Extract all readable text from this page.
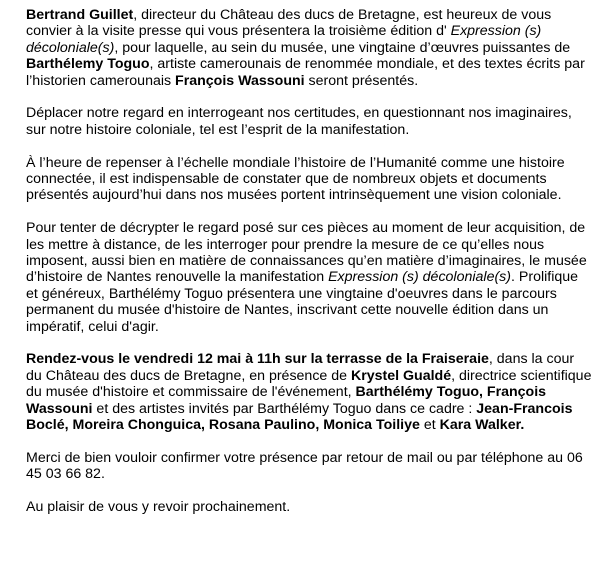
Bertrand Guillet, directeur du Château des ducs de Bretagne, est heureux de vous convier à la visite presse qui vous présentera la troisième édition d' Expression (s) décoloniale(s), pour laquelle, au sein du musée, une vingtaine d’œuvres puissantes de Barthélemy Toguo, artiste camerounais de renommée mondiale, et des textes écrits par l’historien camerounais François Wassouni seront présentés.

Déplacer notre regard en interrogeant nos certitudes, en questionnant nos imaginaires, sur notre histoire coloniale, tel est l’esprit de la manifestation.

À l’heure de repenser à l’échelle mondiale l’histoire de l’Humanité comme une histoire connectée, il est indispensable de constater que de nombreux objets et documents présentés aujourd’hui dans nos musées portent intrinsèquement une vision coloniale.

Pour tenter de décrypter le regard posé sur ces pièces au moment de leur acquisition, de les mettre à distance, de les interroger pour prendre la mesure de ce qu’elles nous imposent, aussi bien en matière de connaissances qu’en matière d’imaginaires, le musée d’histoire de Nantes renouvelle la manifestation Expression (s) décoloniale(s). Prolifique et généreux, Barthélémy Toguo présentera une vingtaine d'oeuvres dans le parcours permanent du musée d'histoire de Nantes, inscrivant cette nouvelle édition dans un impératif, celui d'agir.

Rendez-vous le vendredi 12 mai à 11h sur la terrasse de la Fraiseraie, dans la cour du Château des ducs de Bretagne, en présence de Krystel Gualdé, directrice scientifique du musée d'histoire et commissaire de l'événement, Barthélémy Toguo, François Wassouni et des artistes invités par Barthélémy Toguo dans ce cadre : Jean-Francois Boclé, Moreira Chonguica, Rosana Paulino, Monica Toiliye et Kara Walker.

Merci de bien vouloir confirmer votre présence par retour de mail ou par téléphone au 06 45 03 66 82.

Au plaisir de vous y revoir prochainement.
